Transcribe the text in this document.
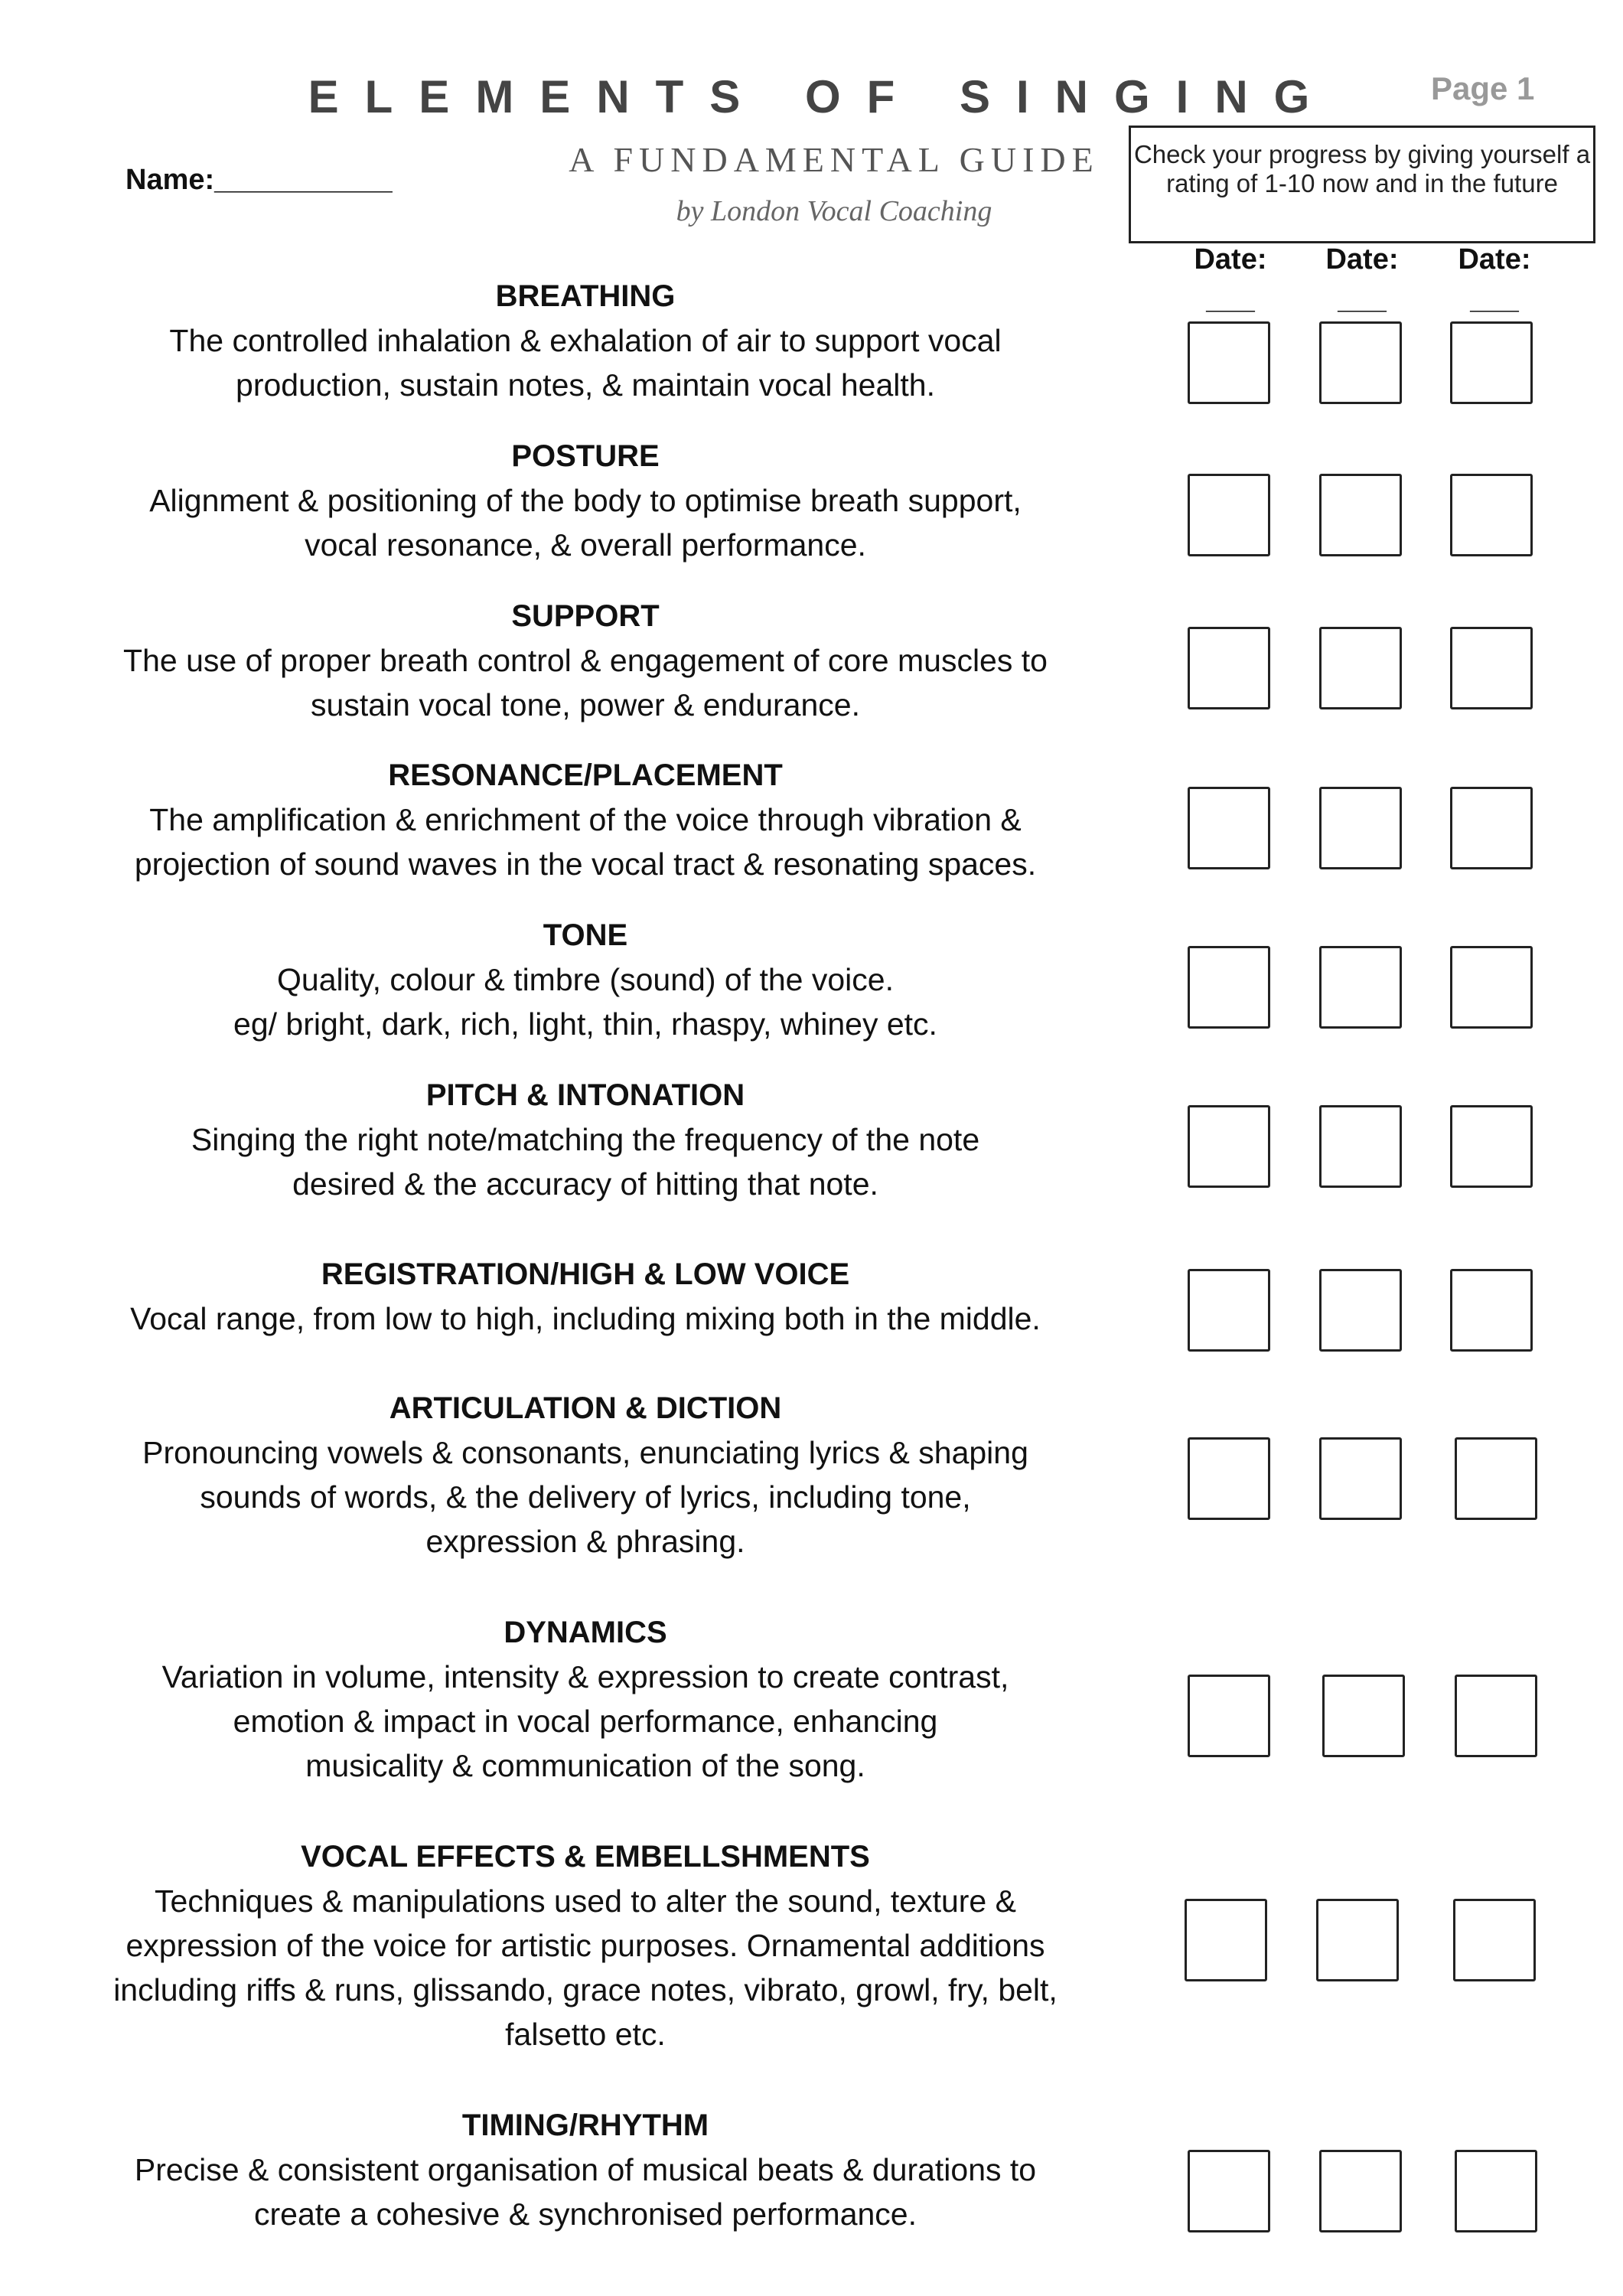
ELEMENTS OF SINGING	Page 1
Name:___________
A FUNDAMENTAL GUIDE
by London Vocal Coaching
Check your progress by giving yourself a rating of 1-10 now and in the future
Date:	Date:	Date:
___	___	___
BREATHING
The controlled inhalation & exhalation of air to support vocal
production, sustain notes, & maintain vocal health.
POSTURE
Alignment & positioning of the body to optimise breath support,
vocal resonance, & overall performance.
SUPPORT
The use of proper breath control & engagement of core muscles to
sustain vocal tone, power & endurance.
RESONANCE/PLACEMENT
The amplification & enrichment of the voice through vibration &
projection of sound waves in the vocal tract & resonating spaces.
TONE
Quality, colour & timbre (sound) of the voice.
eg/ bright, dark, rich, light, thin, rhaspy, whiney etc.
PITCH & INTONATION
Singing the right note/matching the frequency of the note
desired & the accuracy of hitting that note.
REGISTRATION/HIGH & LOW VOICE
Vocal range, from low to high, including mixing both in the middle.
ARTICULATION & DICTION
Pronouncing vowels & consonants, enunciating lyrics & shaping
sounds of words, & the delivery of lyrics, including tone,
expression & phrasing.
DYNAMICS
Variation in volume, intensity & expression to create contrast,
emotion & impact in vocal performance, enhancing
musicality & communication of the song.
VOCAL EFFECTS & EMBELLSHMENTS
Techniques & manipulations used to alter the sound, texture &
expression of the voice for artistic purposes. Ornamental additions
including riffs & runs, glissando, grace notes, vibrato, growl, fry, belt,
falsetto etc.
TIMING/RHYTHM
Precise & consistent organisation of musical beats & durations to
create a cohesive & synchronised performance.
